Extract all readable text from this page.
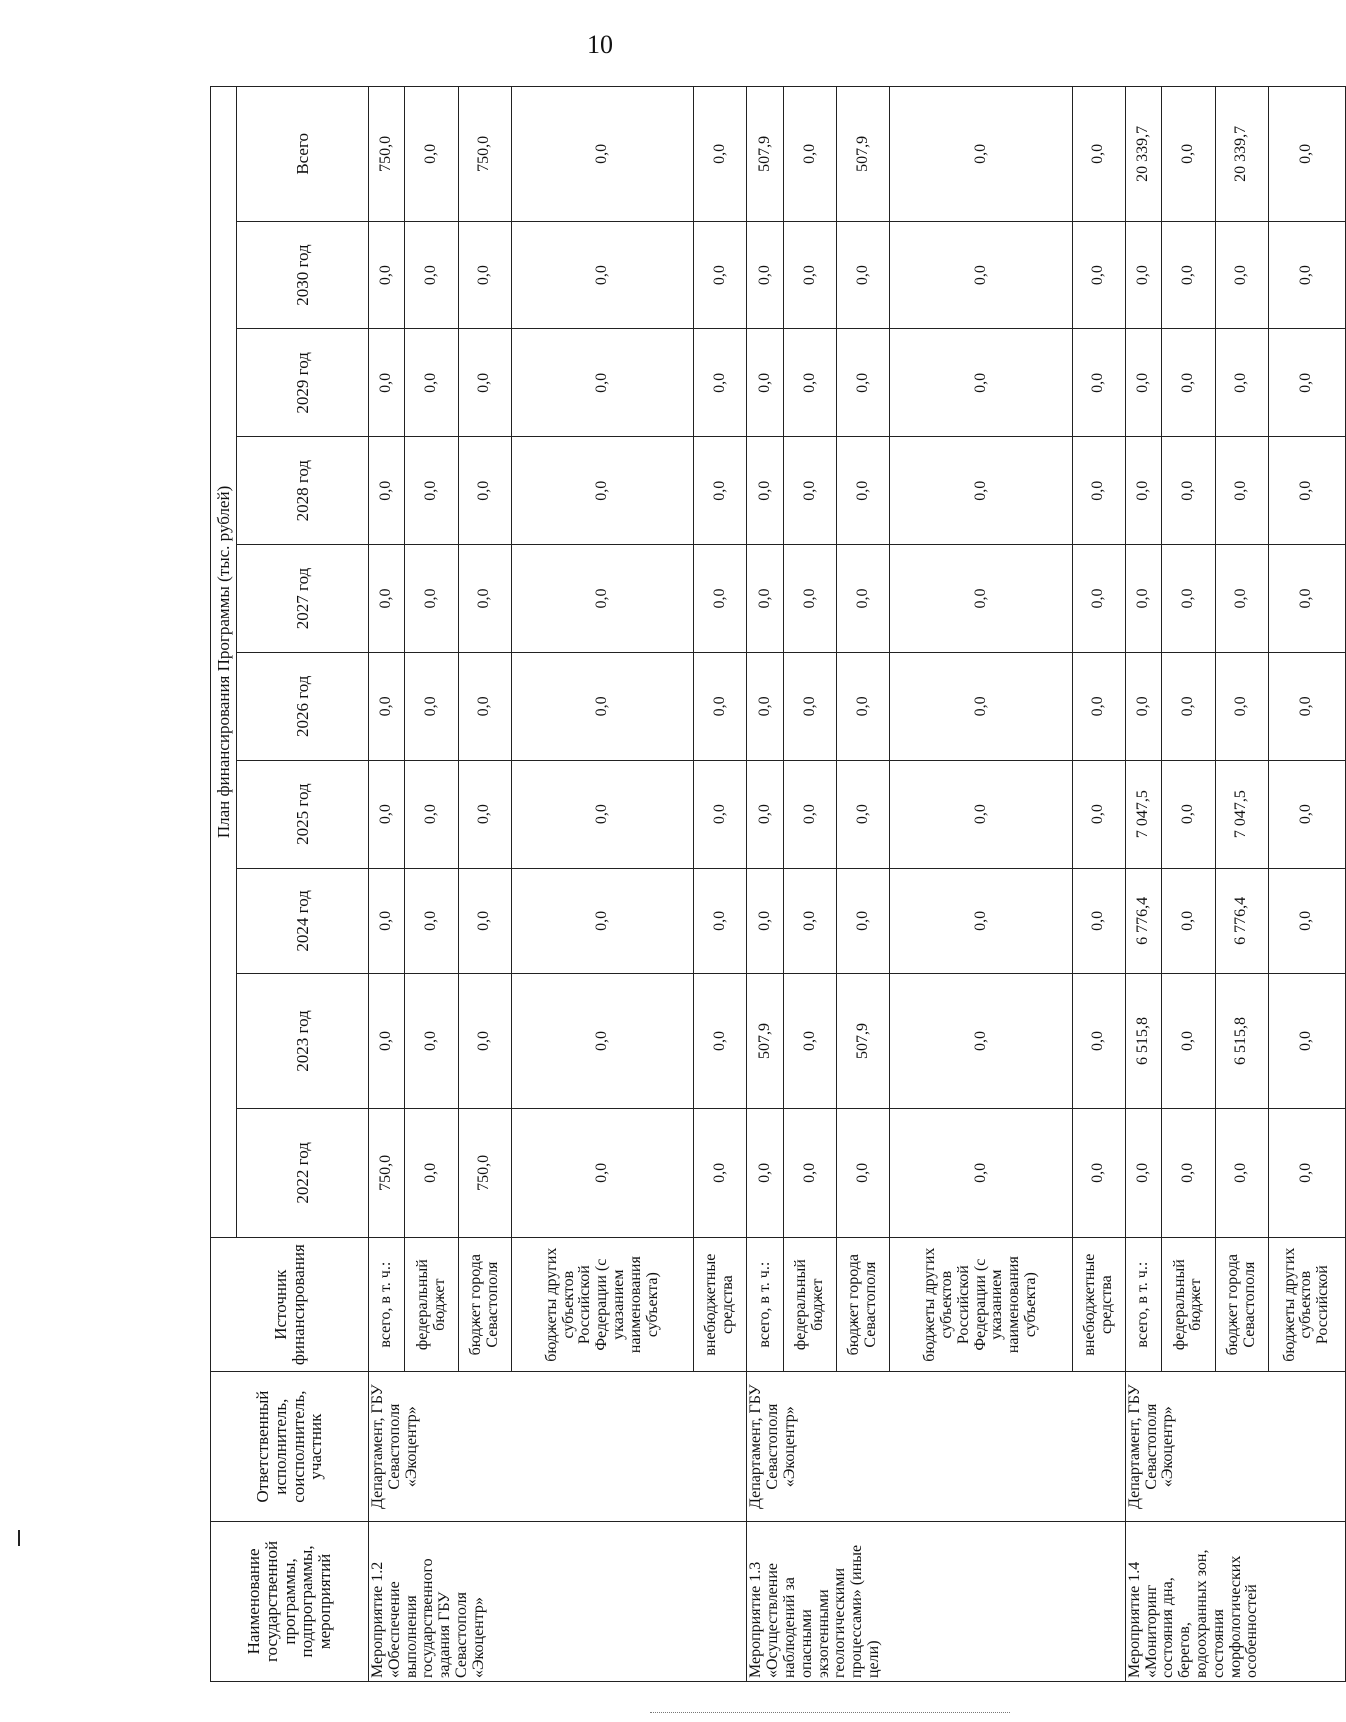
10
Наименование государственной программы, подпрограммы, мероприятий	Ответственный исполнитель, соисполнитель, участник	Источник финансирования	План финансирования Программы (тыс. рублей)									
			2022 год	2023 год	2024 год	2025 год	2026 год	2027 год	2028 год	2029 год	2030 год	Всего
Мероприятие 1.2 «Обеспечение выполнения государственного задания ГБУ Севастополя «Экоцентр»	Департамент, ГБУ Севастополя «Экоцентр»	всего, в т. ч.:	750,0	0,0	0,0	0,0	0,0	0,0	0,0	0,0	0,0	750,0
		федеральный бюджет	0,0	0,0	0,0	0,0	0,0	0,0	0,0	0,0	0,0	0,0
		бюджет города Севастополя	750,0	0,0	0,0	0,0	0,0	0,0	0,0	0,0	0,0	750,0
		бюджеты других субъектов Российской Федерации (с указанием наименования субъекта)	0,0	0,0	0,0	0,0	0,0	0,0	0,0	0,0	0,0	0,0
		внебюджетные средства	0,0	0,0	0,0	0,0	0,0	0,0	0,0	0,0	0,0	0,0
Мероприятие 1.3 «Осуществление наблюдений за опасными экзогенными геологическими процессами» (иные цели)	Департамент, ГБУ Севастополя «Экоцентр»	всего, в т. ч.:	0,0	507,9	0,0	0,0	0,0	0,0	0,0	0,0	0,0	507,9
		федеральный бюджет	0,0	0,0	0,0	0,0	0,0	0,0	0,0	0,0	0,0	0,0
		бюджет города Севастополя	0,0	507,9	0,0	0,0	0,0	0,0	0,0	0,0	0,0	507,9
		бюджеты других субъектов Российской Федерации (с указанием наименования субъекта)	0,0	0,0	0,0	0,0	0,0	0,0	0,0	0,0	0,0	0,0
		внебюджетные средства	0,0	0,0	0,0	0,0	0,0	0,0	0,0	0,0	0,0	0,0
Мероприятие 1.4 «Мониторинг состояния дна, берегов, водоохранных зон, состояния морфологических особенностей	Департамент, ГБУ Севастополя «Экоцентр»	всего, в т. ч.:	0,0	6 515,8	6 776,4	7 047,5	0,0	0,0	0,0	0,0	0,0	20 339,7
		федеральный бюджет	0,0	0,0	0,0	0,0	0,0	0,0	0,0	0,0	0,0	0,0
		бюджет города Севастополя	0,0	6 515,8	6 776,4	7 047,5	0,0	0,0	0,0	0,0	0,0	20 339,7
		бюджеты других субъектов Российской	0,0	0,0	0,0	0,0	0,0	0,0	0,0	0,0	0,0	0,0
